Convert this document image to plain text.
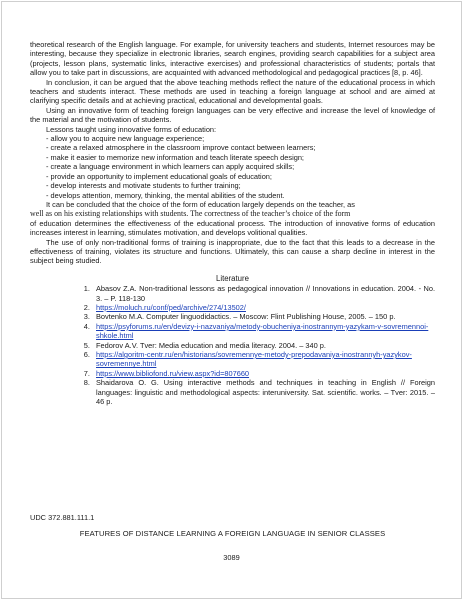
theoretical research of the English language. For example, for university teachers and students, Internet resources may be interesting, because they specialize in electronic libraries, search engines, providing search capabilities for a subject area (projects, lesson plans, systematic links, interactive exercises) and professional characteristics of students; portals that allow you to take part in discussions, are acquainted with advanced methodological and pedagogical practices [8, p. 46].

In conclusion, it can be argued that the above teaching methods reflect the nature of the educational process in which teachers and students interact. These methods are used in teaching a foreign language at school and are aimed at clarifying specific details and at achieving practical, educational and developmental goals.

Using an innovative form of teaching foreign languages can be very effective and increase the level of knowledge of the material and the motivation of students.

Lessons taught using innovative forms of education:

- allow you to acquire new language experience;

- create a relaxed atmosphere in the classroom improve contact between learners;

- make it easier to memorize new information and teach literate speech design;

- create a language environment in which learners can apply acquired skills;

- provide an opportunity to implement educational goals of education;

- develop interests and motivate students to further training;

- develops attention, memory, thinking, the mental abilities of the student.

It can be concluded that the choice of the form of education largely depends on the teacher, as

well as on his existing relationships with students. The correctness of the teacher’s choice of the form

of education determines the effectiveness of the educational process. The introduction of innovative forms of education increases interest in learning, stimulates motivation, and develops volitional qualities.

The use of only non-traditional forms of training is inappropriate, due to the fact that this leads to a decrease in the effectiveness of training, violates its structure and functions. Ultimately, this can cause a sharp decline in interest in the subject being studied.

Literature
1. Abasov Z.A. Non-traditional lessons as pedagogical innovation // Innovations in education. 2004. - No. 3. – P. 118-130
2. https://moluch.ru/conf/ped/archive/274/13502/
3. Bovtenko M.A. Computer linguodidactics. – Moscow: Flint Publishing House, 2005. – 150 p.
4. https://psyforums.ru/en/devizy-i-nazvaniya/metody-obucheniya-inostrannym-yazykam-v-sovremennoi-shkole.html
5. Fedorov A.V. Tver: Media education and media literacy. 2004. – 340 p.
6. https://algoritm-centr.ru/en/historians/sovremennye-metody-prepodavaniya-inostrannyh-yazykov-sovremennye.html
7. https://www.bibliofond.ru/view.aspx?id=807660
8. Shaidarova O. G. Using interactive methods and techniques in teaching in English // Foreign languages: linguistic and methodological aspects: interuniversity. Sat. scientific. works. – Tver: 2015. – 46 p.
UDC 372.881.111.1
FEATURES OF DISTANCE LEARNING A FOREIGN LANGUAGE IN SENIOR CLASSES
3089
